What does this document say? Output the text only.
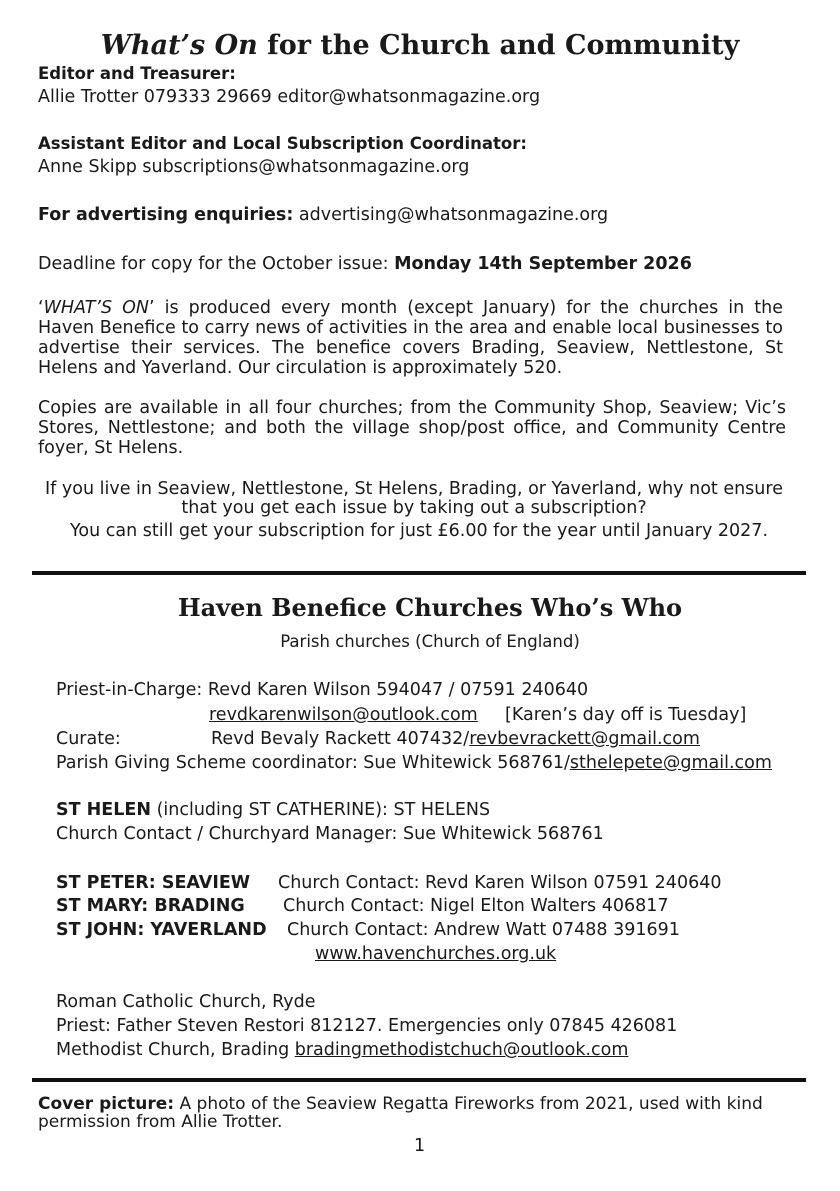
What’s On for the Church and Community
Editor and Treasurer:
Allie Trotter 079333 29669 editor@whatsonmagazine.org
Assistant Editor and Local Subscription Coordinator:
Anne Skipp subscriptions@whatsonmagazine.org
For advertising enquiries: advertising@whatsonmagazine.org
Deadline for copy for the October issue: Monday 14th September 2026
‘WHAT’S ON’ is produced every month (except January) for the churches in the Haven Benefice to carry news of activities in the area and enable local businesses to advertise their services. The benefice covers Brading, Seaview, Nettlestone, St Helens and Yaverland. Our circulation is approximately 520.
Copies are available in all four churches; from the Community Shop, Seaview; Vic’s Stores, Nettlestone; and both the village shop/post office, and Community Centre foyer, St Helens.
If you live in Seaview, Nettlestone, St Helens, Brading, or Yaverland, why not ensure
that you get each issue by taking out a subscription?
You can still get your subscription for just £6.00 for the year until January 2027.
Haven Benefice Churches Who’s Who
Parish churches (Church of England)
Priest-in-Charge: Revd Karen Wilson 594047 / 07591 240640
revdkarenwilson@outlook.com [Karen’s day off is Tuesday]
Curate:	Revd Bevaly Rackett 407432/revbevrackett@gmail.com
Parish Giving Scheme coordinator: Sue Whitewick 568761/sthelepete@gmail.com
ST HELEN (including ST CATHERINE): ST HELENS
Church Contact / Churchyard Manager: Sue Whitewick 568761
ST PETER: SEAVIEW Church Contact: Revd Karen Wilson 07591 240640
ST MARY: BRADING Church Contact: Nigel Elton Walters 406817
ST JOHN: YAVERLAND Church Contact: Andrew Watt 07488 391691
www.havenchurches.org.uk
Roman Catholic Church, Ryde
Priest: Father Steven Restori 812127. Emergencies only 07845 426081
Methodist Church, Brading bradingmethodistchuch@outlook.com
Cover picture: A photo of the Seaview Regatta Fireworks from 2021, used with kind permission from Allie Trotter.
1
